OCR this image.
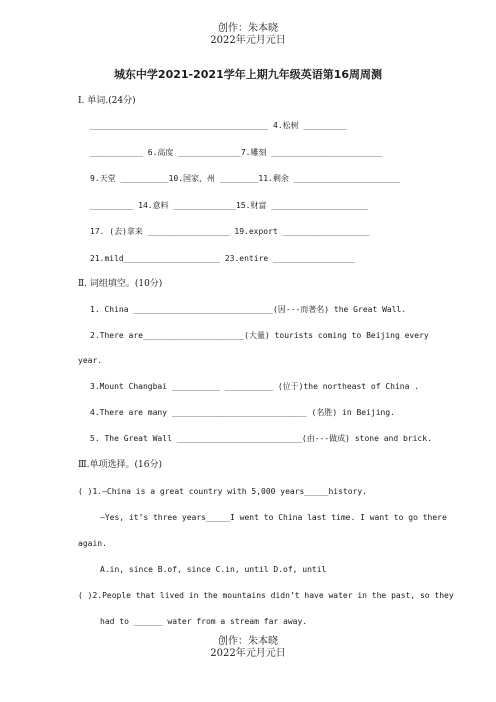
创作：朱本晓
2022年元月元日
城东中学2021-2021学年上期九年级英语第16周周测
Ⅰ. 单词.(24分)
_____________________________________ 4.松树 _________
___________ 6.高度 _____________7.雕刻 _______________________
9.天堂 __________10.国家，州 ________11.剩余 ______________________
_________ 14.意料 _____________15.财富 ____________________
17. (去)拿来 _________________ 19.export __________________
21.mild____________________ 23.entire _________________
Ⅱ. 词组填空。(10分)
1. China _____________________________(因---而著名) the Great Wall.
2.There are_____________________(大量) tourists coming to Beijing every
year.
3.Mount Changbai __________ __________ (位于)the northeast of China .
4.There are many ____________________________ (名胜) in Beijing.
5. The Great Wall __________________________(由---做成) stone and brick.
Ⅲ.单项选择。(16分)
( )1.—China is a great country with 5,000 years_____history.
—Yes, it’s three years_____I went to China last time. I want to go there
again.
A.in, since B.of, since C.in, until D.of, until
( )2.People that lived in the mountains didn’t have water in the past, so they
had to ______ water from a stream far away.
创作：朱本晓
2022年元月元日
